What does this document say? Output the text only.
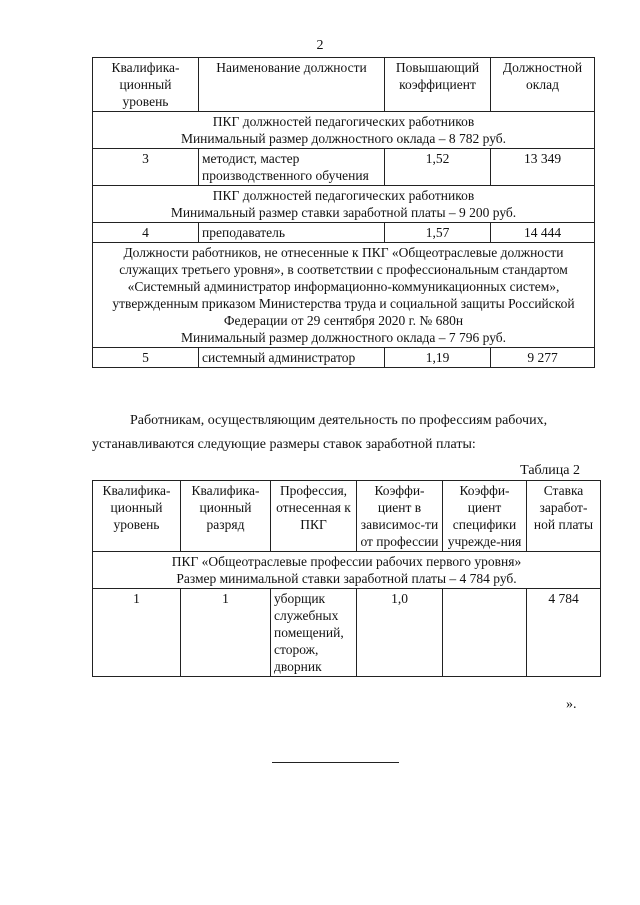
2
Квалифика-ционный уровень	Наименование должности	Повышающий коэффициент	Должностной оклад

ПКГ должностей педагогических работников
Минимальный размер должностного оклада – 8 782 руб.			

3	методист, мастер производственного обучения	1,52	13 349

ПКГ должностей педагогических работников
Минимальный размер ставки заработной платы – 9 200 руб.			

4	преподаватель	1,57	14 444

Должности работников, не отнесенные к ПКГ «Общеотраслевые должности служащих третьего уровня», в соответствии с профессиональным стандартом «Системный администратор информационно-коммуникационных систем», утвержденным приказом Министерства труда и социальной защиты Российской Федерации от 29 сентября 2020 г. № 680н
Минимальный размер должностного оклада – 7 796 руб.			

5	системный администратор	1,19	9 277
Работникам, осуществляющим деятельность по профессиям рабочих, устанавливаются следующие размеры ставок заработной платы:
Таблица 2
Квалифика-ционный уровень	Квалифика-ционный разряд	Профессия, отнесенная к ПКГ	Коэффи-циент в зависимос-ти от профессии	Коэффи-циент специфики учрежде-ния	Ставка заработ-ной платы

ПКГ «Общеотраслевые профессии рабочих первого уровня»
Размер минимальной ставки заработной платы – 4 784 руб.					

1	1	уборщик служебных помещений, сторож, дворник	1,0		4 784
».
